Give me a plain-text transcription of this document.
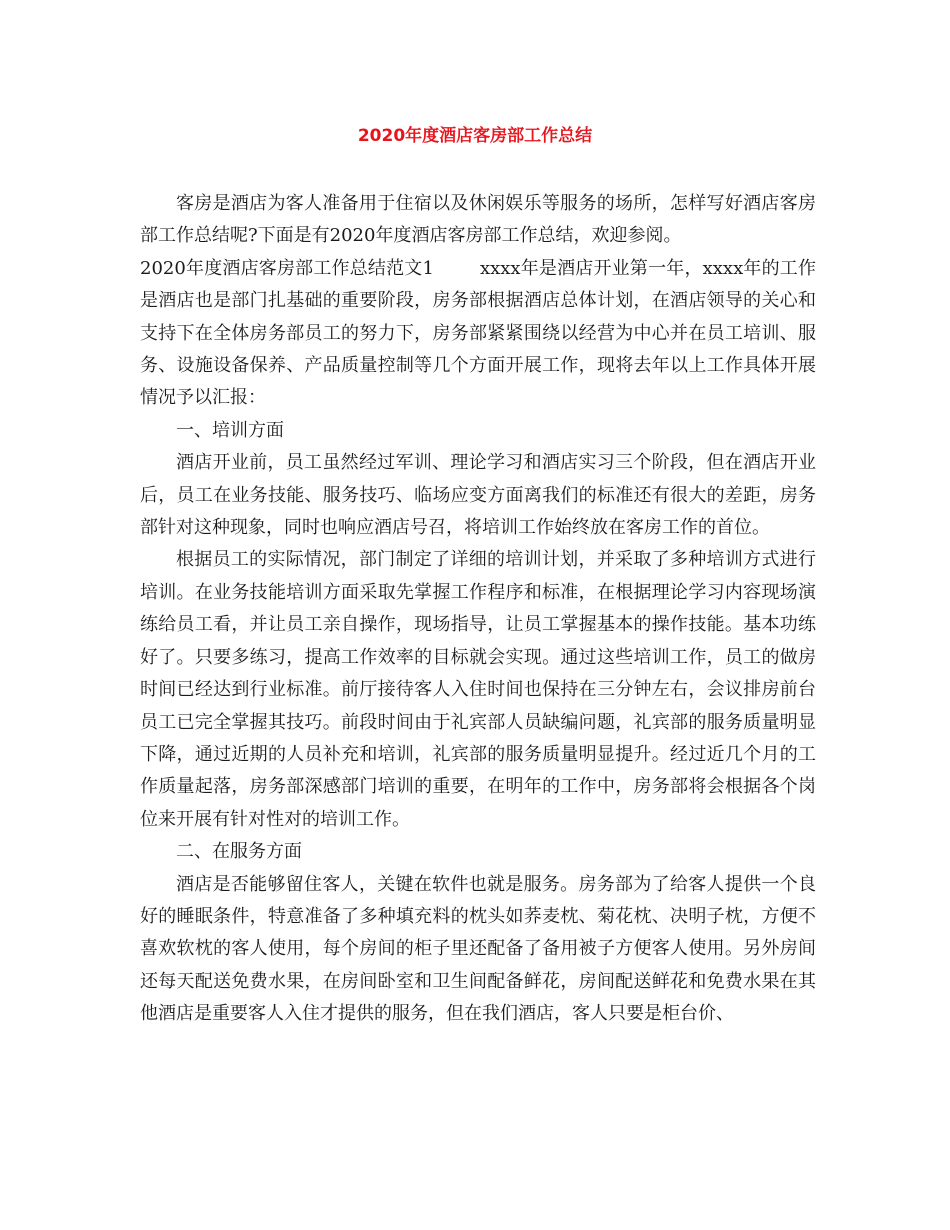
2020年度酒店客房部工作总结

客房是酒店为客人准备用于住宿以及休闲娱乐等服务的场所，怎样写好酒店客房部工作总结呢?下面是有2020年度酒店客房部工作总结，欢迎参阅。

2020年度酒店客房部工作总结范文1	xxxx年是酒店开业第一年，xxxx年的工作是酒店也是部门扎基础的重要阶段，房务部根据酒店总体计划，在酒店领导的关心和支持下在全体房务部员工的努力下，房务部紧紧围绕以经营为中心并在员工培训、服务、设施设备保养、产品质量控制等几个方面开展工作，现将去年以上工作具体开展情况予以汇报：

一、培训方面

酒店开业前，员工虽然经过军训、理论学习和酒店实习三个阶段，但在酒店开业后，员工在业务技能、服务技巧、临场应变方面离我们的标准还有很大的差距，房务部针对这种现象，同时也响应酒店号召，将培训工作始终放在客房工作的首位。

根据员工的实际情况，部门制定了详细的培训计划，并采取了多种培训方式进行培训。在业务技能培训方面采取先掌握工作程序和标准，在根据理论学习内容现场演练给员工看，并让员工亲自操作，现场指导，让员工掌握基本的操作技能。基本功练好了。只要多练习，提高工作效率的目标就会实现。通过这些培训工作，员工的做房时间已经达到行业标准。前厅接待客人入住时间也保持在三分钟左右，会议排房前台员工已完全掌握其技巧。前段时间由于礼宾部人员缺编问题，礼宾部的服务质量明显下降，通过近期的人员补充和培训，礼宾部的服务质量明显提升。经过近几个月的工作质量起落，房务部深感部门培训的重要，在明年的工作中，房务部将会根据各个岗位来开展有针对性对的培训工作。

二、在服务方面

酒店是否能够留住客人，关键在软件也就是服务。房务部为了给客人提供一个良好的睡眠条件，特意准备了多种填充料的枕头如荞麦枕、菊花枕、决明子枕，方便不喜欢软枕的客人使用，每个房间的柜子里还配备了备用被子方便客人使用。另外房间还每天配送免费水果，在房间卧室和卫生间配备鲜花，房间配送鲜花和免费水果在其他酒店是重要客人入住才提供的服务，但在我们酒店，客人只要是柜台价、
